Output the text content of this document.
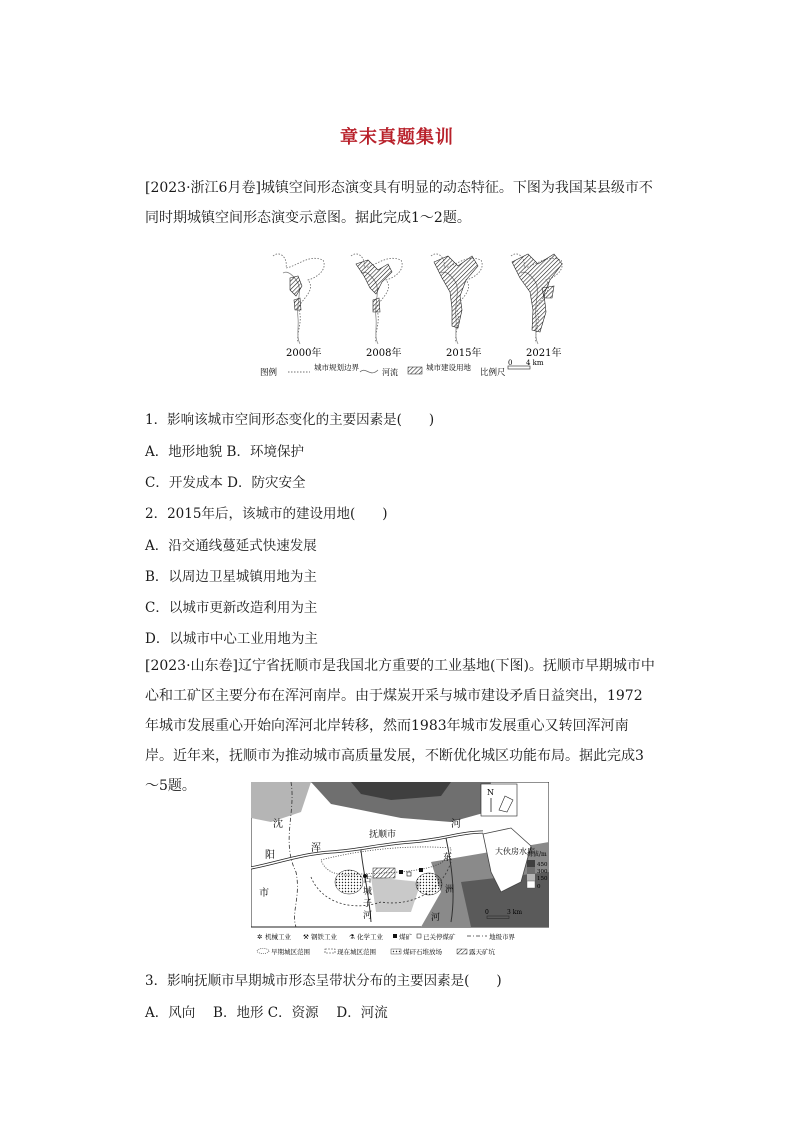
章末真题集训

[2023·浙江6月卷]城镇空间形态演变具有明显的动态特征。下图为我国某县级市不同时期城镇空间形态演变示意图。据此完成1～2题。

2000年	2008年	2015年	2021年
图例
城市规划边界
河流
城市建设用地
比例尺
0 4 km
1．影响该城市空间形态变化的主要因素是(　　)
A．地形地貌 B．环境保护
C．开发成本 D．防灾安全
2．2015年后，该城市的建设用地(　　)
A．沿交通线蔓延式快速发展
B．以周边卫星城镇用地为主
C．以城市更新改造利用为主
D．以城市中心工业用地为主

[2023·山东卷]辽宁省抚顺市是我国北方重要的工业基地(下图)。抚顺市早期城市中心和工矿区主要分布在浑河南岸。由于煤炭开采与城市建设矛盾日益突出，1972年城市发展重心开始向浑河北岸转移，然而1983年城市发展重心又转回浑河南岸。近年来，抚顺市为推动城市高质量发展，不断优化城区功能布局。据此完成3～5题。

沈
阳
市
浑
抚顺市
河
古
城
子
河
东
洲
河
大伙房水库
N
海拔/m
450
300
150
0
0	3 km
✲ 机械工业 ⚒ 钢铁工业 ⚗ 化学工业 煤矿 已关停煤矿	地级市界
早期城区范围	现在城区范围	煤矸石堆放场	露天矿坑
3．影响抚顺市早期城市形态呈带状分布的主要因素是(　　)
A．风向　 B．地形 C．资源　 D．河流
